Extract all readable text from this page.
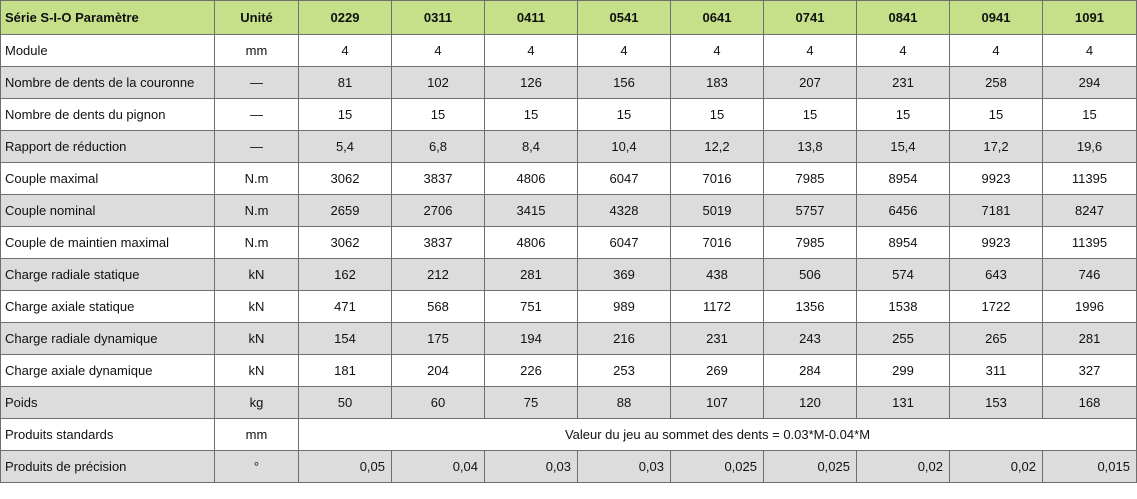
Série S-I-O Paramètre	Unité	0229	0311	0411	0541	0641	0741	0841	0941	1091
Module	mm	4	4	4	4	4	4	4	4	4
Nombre de dents de la couronne	—	81	102	126	156	183	207	231	258	294
Nombre de dents du pignon	—	15	15	15	15	15	15	15	15	15
Rapport de réduction	—	5,4	6,8	8,4	10,4	12,2	13,8	15,4	17,2	19,6
Couple maximal	N.m	3062	3837	4806	6047	7016	7985	8954	9923	11395
Couple nominal	N.m	2659	2706	3415	4328	5019	5757	6456	7181	8247
Couple de maintien maximal	N.m	3062	3837	4806	6047	7016	7985	8954	9923	11395
Charge radiale statique	kN	162	212	281	369	438	506	574	643	746
Charge axiale statique	kN	471	568	751	989	1172	1356	1538	1722	1996
Charge radiale dynamique	kN	154	175	194	216	231	243	255	265	281
Charge axiale dynamique	kN	181	204	226	253	269	284	299	311	327
Poids	kg	50	60	75	88	107	120	131	153	168
Produits standards	mm	Valeur du jeu au sommet des dents = 0.03*M-0.04*M								
Produits de précision	°	0,05	0,04	0,03	0,03	0,025	0,025	0,02	0,02	0,015
